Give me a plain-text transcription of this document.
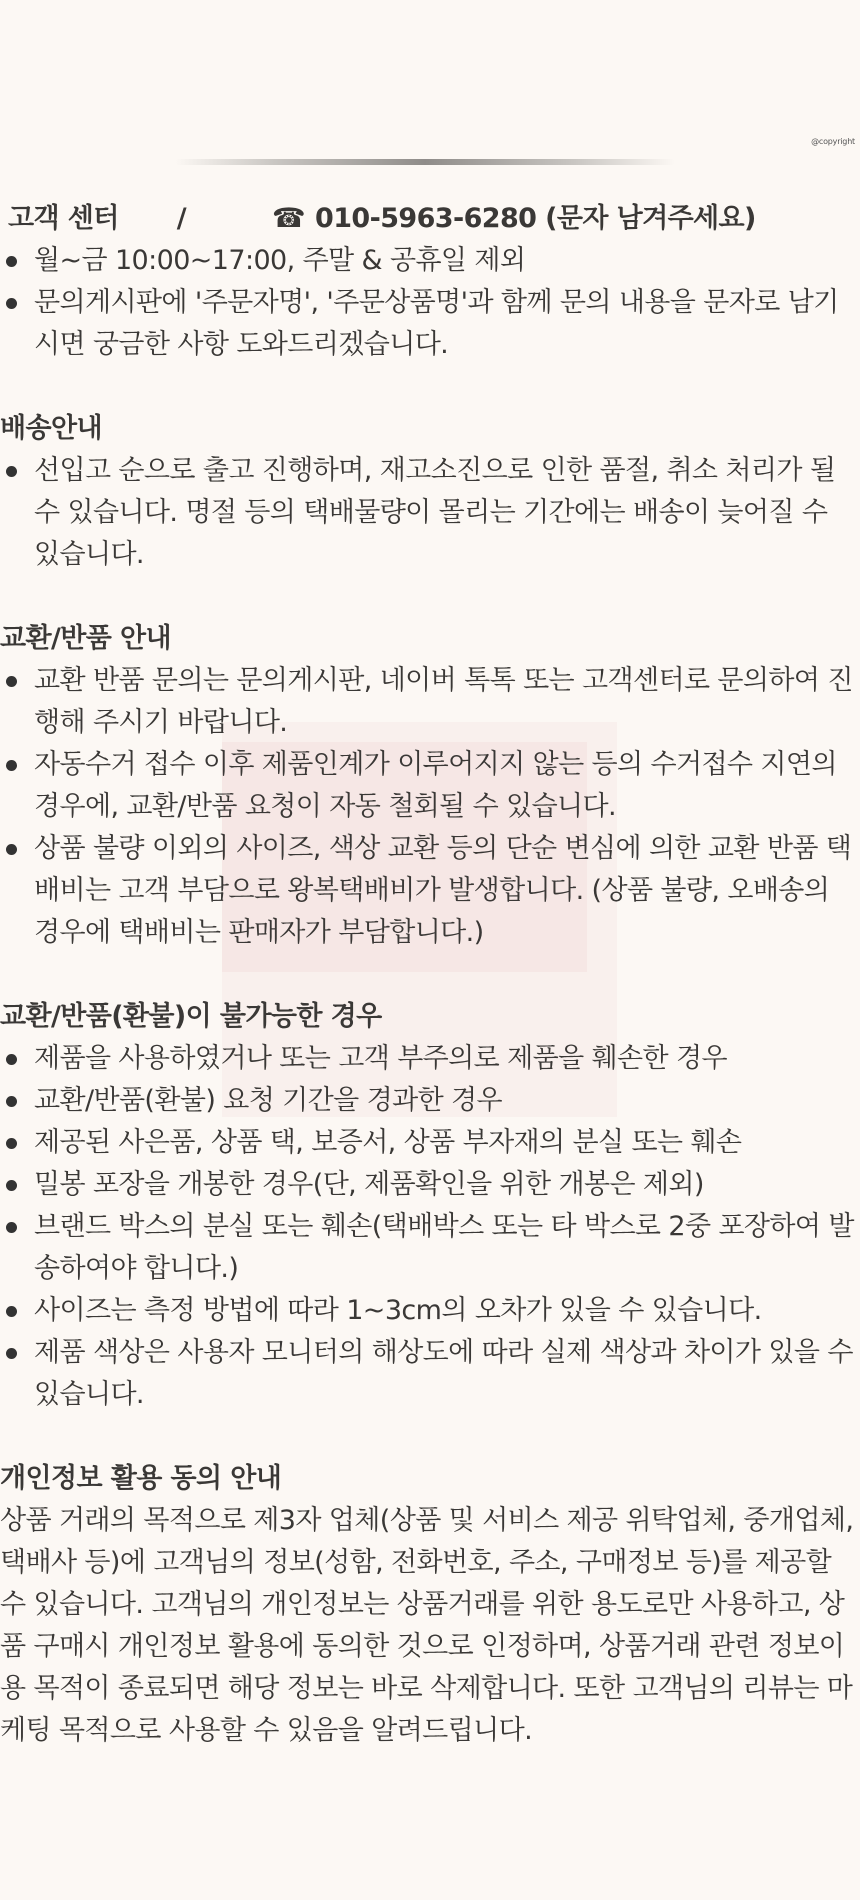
@copyright
고객 센터 /	☎ 010-5963-6280 (문자 남겨주세요)
월~금 10:00~17:00, 주말 & 공휴일 제외
문의게시판에 '주문자명', '주문상품명'과 함께 문의 내용을 문자로 남기시면 궁금한 사항 도와드리겠습니다.
배송안내
선입고 순으로 출고 진행하며, 재고소진으로 인한 품절, 취소 처리가 될 수 있습니다. 명절 등의 택배물량이 몰리는 기간에는 배송이 늦어질 수 있습니다.
교환/반품 안내
교환 반품 문의는 문의게시판, 네이버 톡톡 또는 고객센터로 문의하여 진행해 주시기 바랍니다.
자동수거 접수 이후 제품인계가 이루어지지 않는 등의 수거접수 지연의 경우에, 교환/반품 요청이 자동 철회될 수 있습니다.
상품 불량 이외의 사이즈, 색상 교환 등의 단순 변심에 의한 교환 반품 택배비는 고객 부담으로 왕복택배비가 발생합니다. (상품 불량, 오배송의 경우에 택배비는 판매자가 부담합니다.)
교환/반품(환불)이 불가능한 경우
제품을 사용하였거나 또는 고객 부주의로 제품을 훼손한 경우
교환/반품(환불) 요청 기간을 경과한 경우
제공된 사은품, 상품 택, 보증서, 상품 부자재의 분실 또는 훼손
밀봉 포장을 개봉한 경우(단, 제품확인을 위한 개봉은 제외)
브랜드 박스의 분실 또는 훼손(택배박스 또는 타 박스로 2중 포장하여 발송하여야 합니다.)
사이즈는 측정 방법에 따라 1~3cm의 오차가 있을 수 있습니다.
제품 색상은 사용자 모니터의 해상도에 따라 실제 색상과 차이가 있을 수 있습니다.
개인정보 활용 동의 안내

상품 거래의 목적으로 제3자 업체(상품 및 서비스 제공 위탁업체, 중개업체, 택배사 등)에 고객님의 정보(성함, 전화번호, 주소, 구매정보 등)를 제공할 수 있습니다. 고객님의 개인정보는 상품거래를 위한 용도로만 사용하고, 상품 구매시 개인정보 활용에 동의한 것으로 인정하며, 상품거래 관련 정보이용 목적이 종료되면 해당 정보는 바로 삭제합니다. 또한 고객님의 리뷰는 마케팅 목적으로 사용할 수 있음을 알려드립니다.
